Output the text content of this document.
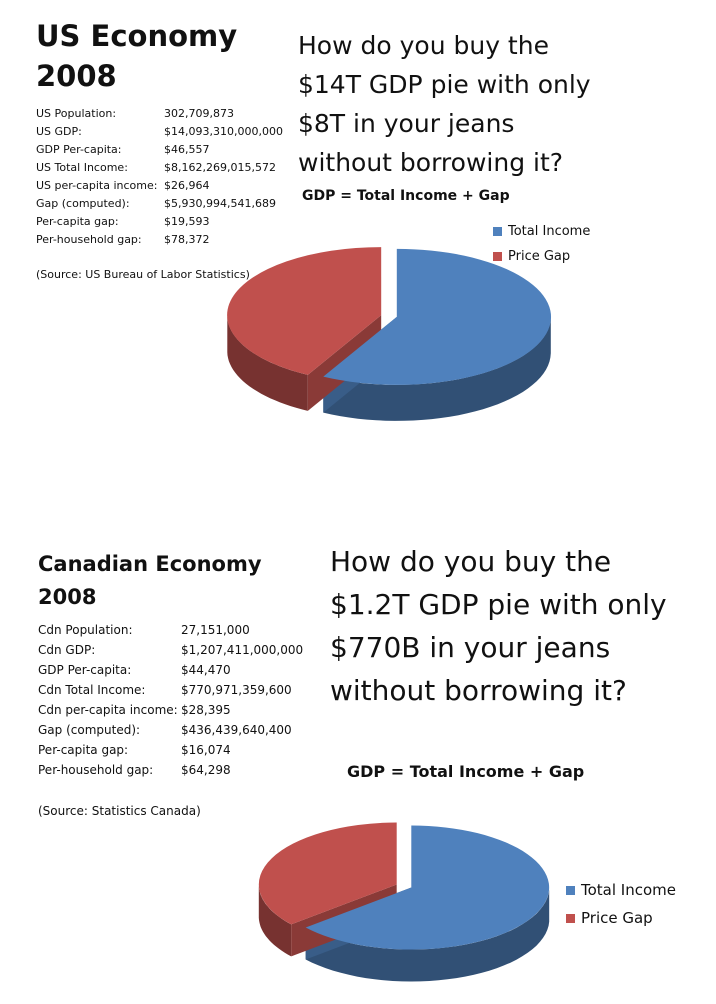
US Economy
2008
How do you buy the
$14T GDP pie with only
$8T in your jeans
without borrowing it?
US Population:	302,709,873
US GDP:	$14,093,310,000,000
GDP Per-capita:	$46,557
US Total Income:	$8,162,269,015,572
US per-capita income: $26,964
Gap (computed):	$5,930,994,541,689
Per-capita gap:	$19,593
Per-household gap:	$78,372
(Source: US Bureau of Labor Statistics)
GDP = Total Income + Gap
Total Income
Price Gap
Canadian Economy
2008
How do you buy the
$1.2T GDP pie with only
$770B in your jeans
without borrowing it?
Cdn Population:	27,151,000
Cdn GDP:	$1,207,411,000,000
GDP Per-capita:	$44,470
Cdn Total Income:	$770,971,359,600
Cdn per-capita income: $28,395
Gap (computed):	$436,439,640,400
Per-capita gap:	$16,074
Per-household gap:	$64,298
(Source: Statistics Canada)
GDP = Total Income + Gap
Total Income
Price Gap
